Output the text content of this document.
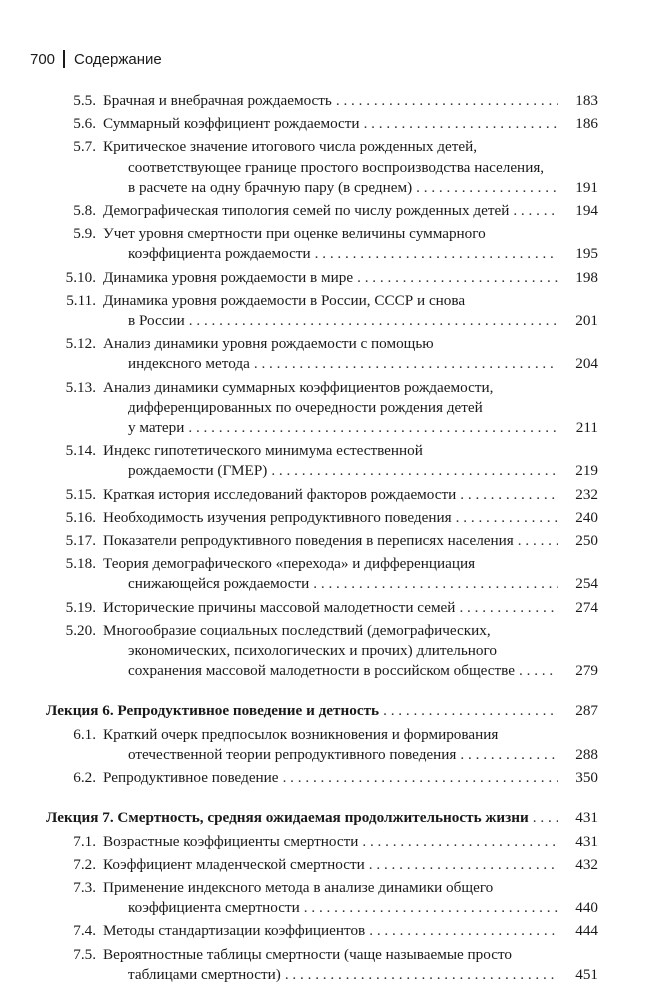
700 Содержание
5.5. Брачная и внебрачная рождаемость . . .	183
5.6. Суммарный коэффициент рождаемости . . .	186
5.7. Критическое значение итогового числа рожденных детей,
соответствующее границе простого воспроизводства населения,
в расчете на одну брачную пару (в среднем) . . .	191
5.8. Демографическая типология семей по числу рожденных детей . . .	194
5.9. Учет уровня смертности при оценке величины суммарного
коэффициента рождаемости . . .	195
5.10. Динамика уровня рождаемости в мире . . .	198
5.11. Динамика уровня рождаемости в России, СССР и снова
в России . . .	201
5.12. Анализ динамики уровня рождаемости с помощью
индексного метода . . .	204
5.13. Анализ динамики суммарных коэффициентов рождаемости,
дифференцированных по очередности рождения детей
у матери . . .	211
5.14. Индекс гипотетического минимума естественной
рождаемости (ГМЕР) . . .	219
5.15. Краткая история исследований факторов рождаемости . . .	232
5.16. Необходимость изучения репродуктивного поведения . . .	240
5.17. Показатели репродуктивного поведения в переписях населения . . .	250
5.18. Теория демографического «перехода» и дифференциация
снижающейся рождаемости . . .	254
5.19. Исторические причины массовой малодетности семей . . .	274
5.20. Многообразие социальных последствий (демографических,
экономических, психологических и прочих) длительного
сохранения массовой малодетности в российском обществе . . .	279
Лекция 6. Репродуктивное поведение и детность . . .	287
6.1. Краткий очерк предпосылок возникновения и формирования
отечественной теории репродуктивного поведения . . .	288
6.2. Репродуктивное поведение . . .	350
Лекция 7. Смертность, средняя ожидаемая продолжительность жизни . . .	431
7.1. Возрастные коэффициенты смертности . . .	431
7.2. Коэффициент младенческой смертности . . .	432
7.3. Применение индексного метода в анализе динамики общего
коэффициента смертности . . .	440
7.4. Методы стандартизации коэффициентов . . .	444
7.5. Вероятностные таблицы смертности (чаще называемые просто
таблицами смертности) . . .	451
